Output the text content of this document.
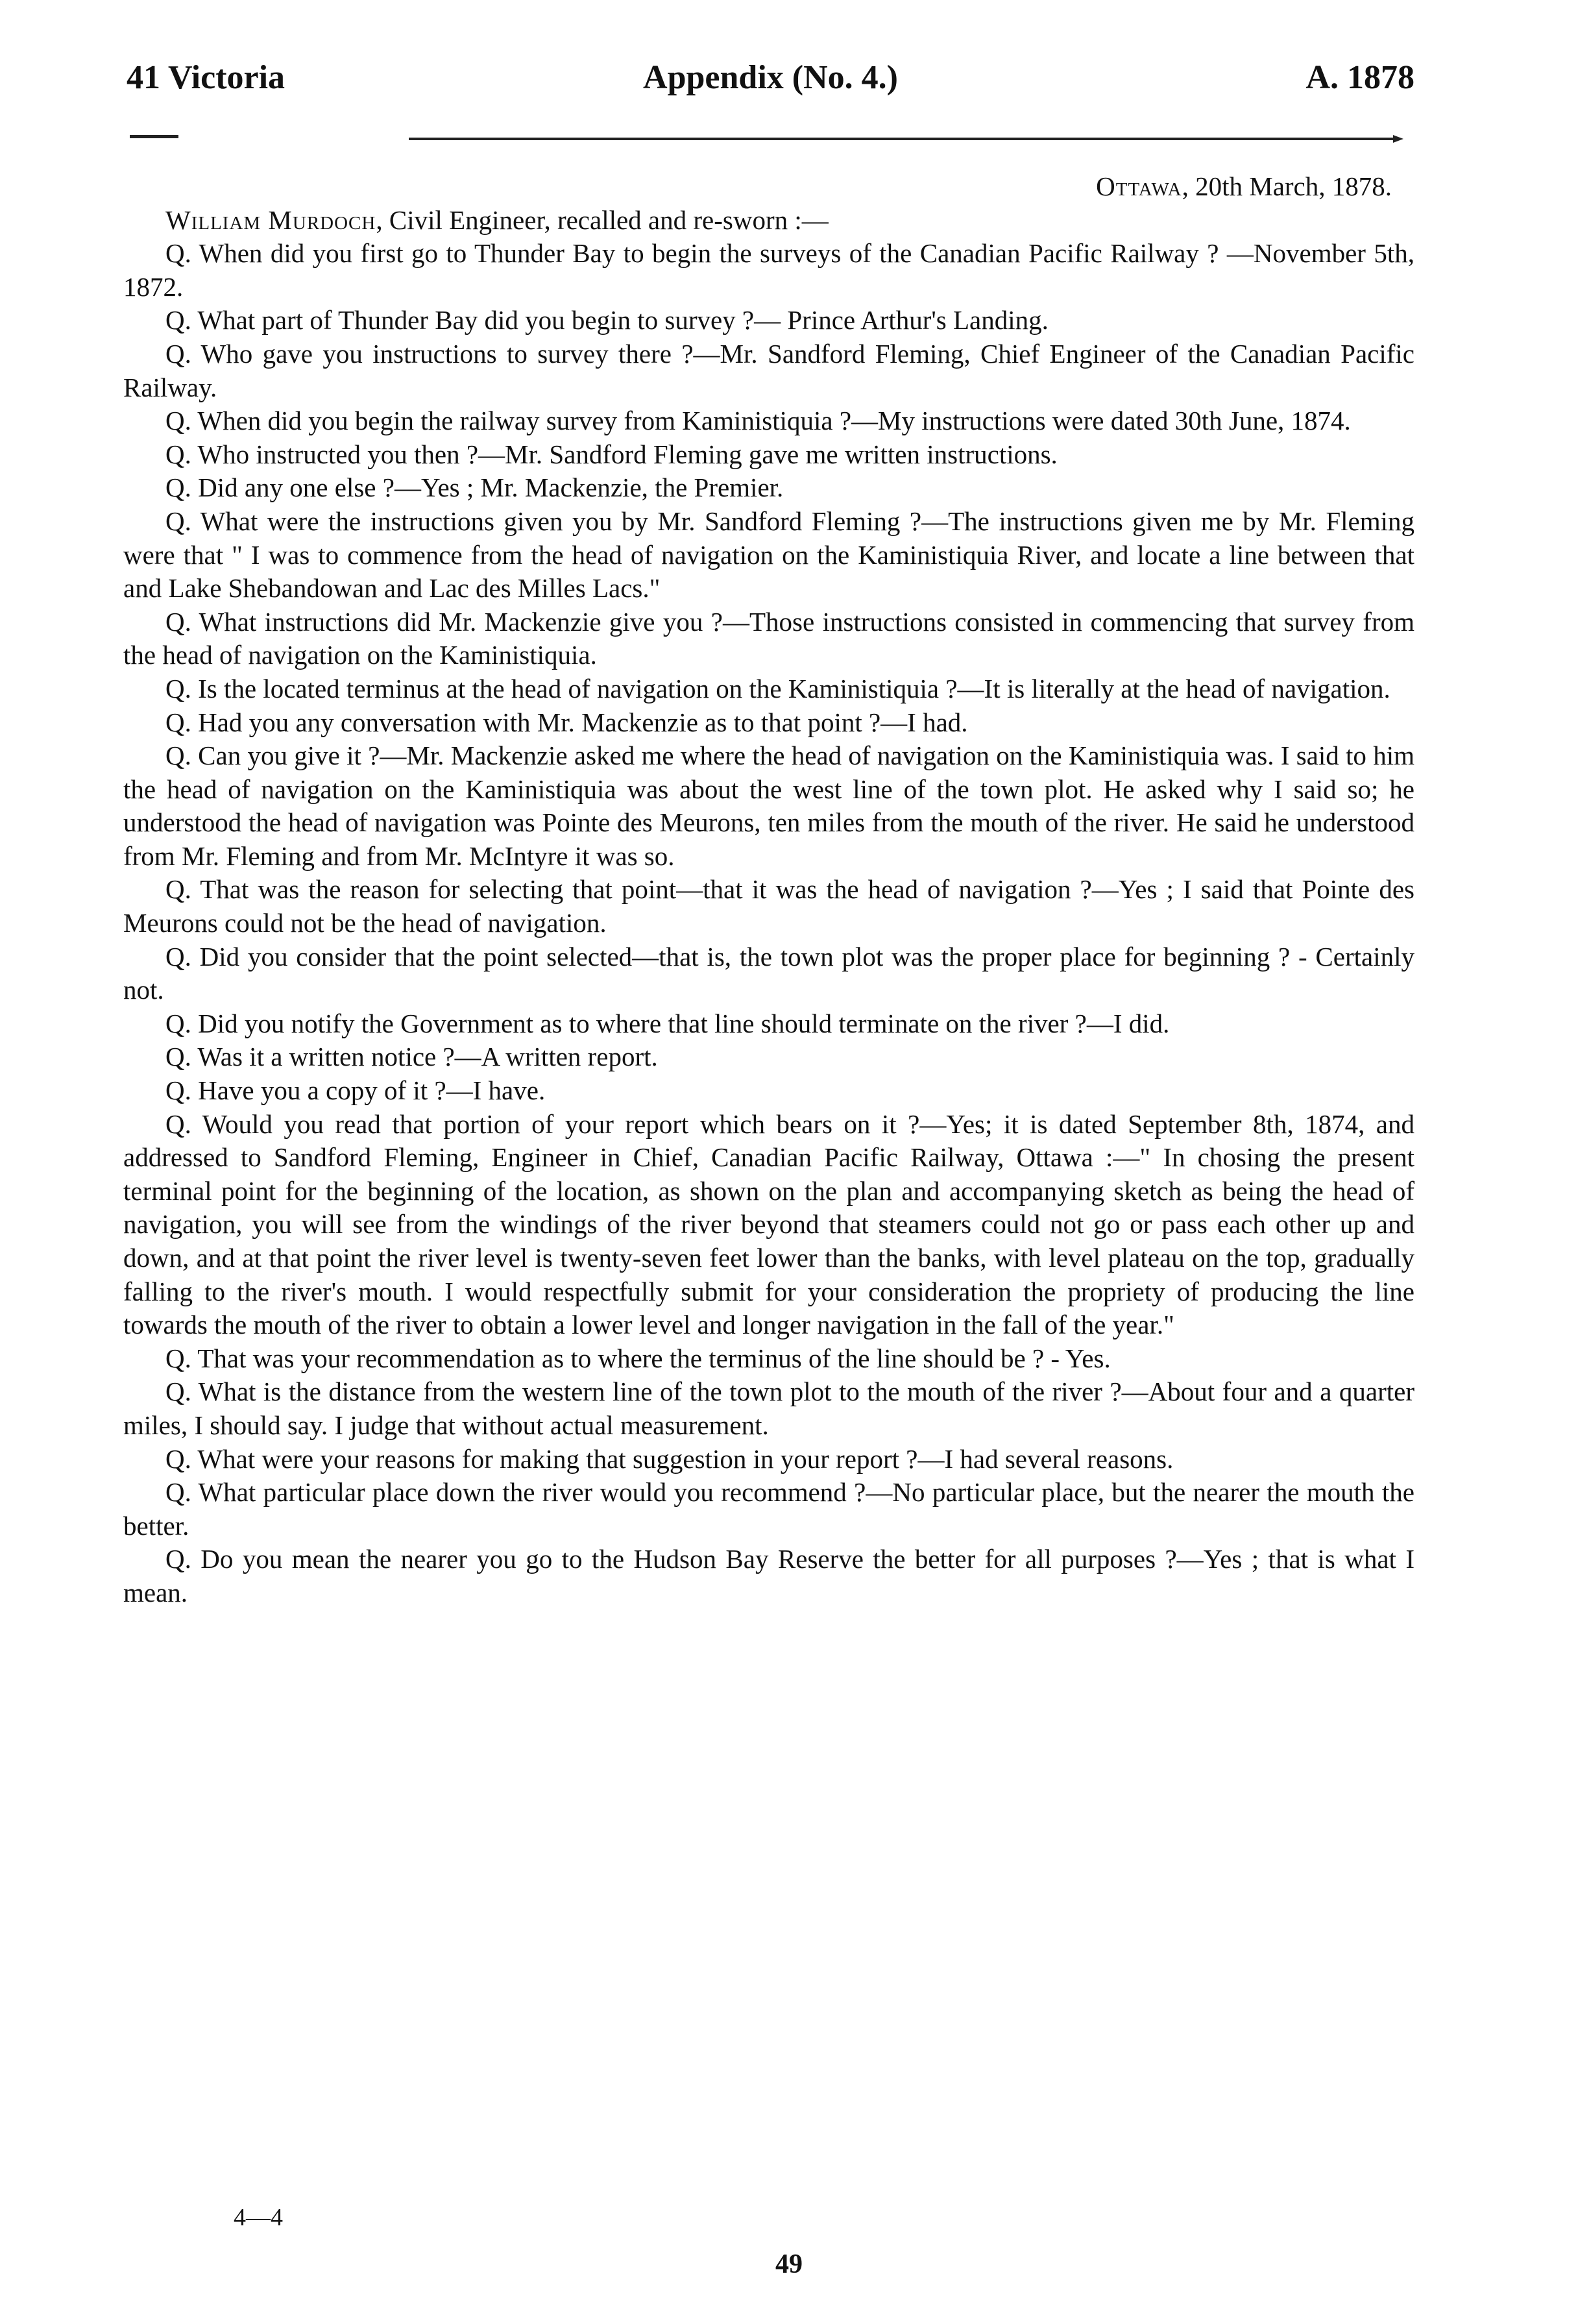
41 Victoria	Appendix (No. 4.)	A. 1878
Ottawa, 20th March, 1878.

William Murdoch, Civil Engineer, recalled and re-sworn :—

Q. When did you first go to Thunder Bay to begin the surveys of the Canadian Pacific Railway ? —November 5th, 1872.

Q. What part of Thunder Bay did you begin to survey ?— Prince Arthur's Landing.

Q. Who gave you instructions to survey there ?—Mr. Sandford Fleming, Chief Engineer of the Canadian Pacific Railway.

Q. When did you begin the railway survey from Kaministiquia ?—My instructions were dated 30th June, 1874.

Q. Who instructed you then ?—Mr. Sandford Fleming gave me written instructions.

Q. Did any one else ?—Yes ; Mr. Mackenzie, the Premier.

Q. What were the instructions given you by Mr. Sandford Fleming ?—The instructions given me by Mr. Fleming were that " I was to commence from the head of navigation on the Kaministiquia River, and locate a line between that and Lake Shebandowan and Lac des Milles Lacs."

Q. What instructions did Mr. Mackenzie give you ?—Those instructions consisted in commencing that survey from the head of navigation on the Kaministiquia.

Q. Is the located terminus at the head of navigation on the Kaministiquia ?—It is literally at the head of navigation.

Q. Had you any conversation with Mr. Mackenzie as to that point ?—I had.

Q. Can you give it ?—Mr. Mackenzie asked me where the head of navigation on the Kaministiquia was. I said to him the head of navigation on the Kaministiquia was about the west line of the town plot. He asked why I said so; he understood the head of navigation was Pointe des Meurons, ten miles from the mouth of the river. He said he understood from Mr. Fleming and from Mr. McIntyre it was so.

Q. That was the reason for selecting that point—that it was the head of navigation ?—Yes ; I said that Pointe des Meurons could not be the head of navigation.

Q. Did you consider that the point selected—that is, the town plot was the proper place for beginning ? - Certainly not.

Q. Did you notify the Government as to where that line should terminate on the river ?—I did.

Q. Was it a written notice ?—A written report.

Q. Have you a copy of it ?—I have.

Q. Would you read that portion of your report which bears on it ?—Yes; it is dated September 8th, 1874, and addressed to Sandford Fleming, Engineer in Chief, Canadian Pacific Railway, Ottawa :—" In chosing the present terminal point for the beginning of the location, as shown on the plan and accompanying sketch as being the head of navigation, you will see from the windings of the river beyond that steamers could not go or pass each other up and down, and at that point the river level is twenty-seven feet lower than the banks, with level plateau on the top, gradually falling to the river's mouth. I would respectfully submit for your consideration the propriety of producing the line towards the mouth of the river to obtain a lower level and longer navigation in the fall of the year."

Q. That was your recommendation as to where the terminus of the line should be ? - Yes.

Q. What is the distance from the western line of the town plot to the mouth of the river ?—About four and a quarter miles, I should say. I judge that without actual measurement.

Q. What were your reasons for making that suggestion in your report ?—I had several reasons.

Q. What particular place down the river would you recommend ?—No particular place, but the nearer the mouth the better.

Q. Do you mean the nearer you go to the Hudson Bay Reserve the better for all purposes ?—Yes ; that is what I mean.

4—4
49
